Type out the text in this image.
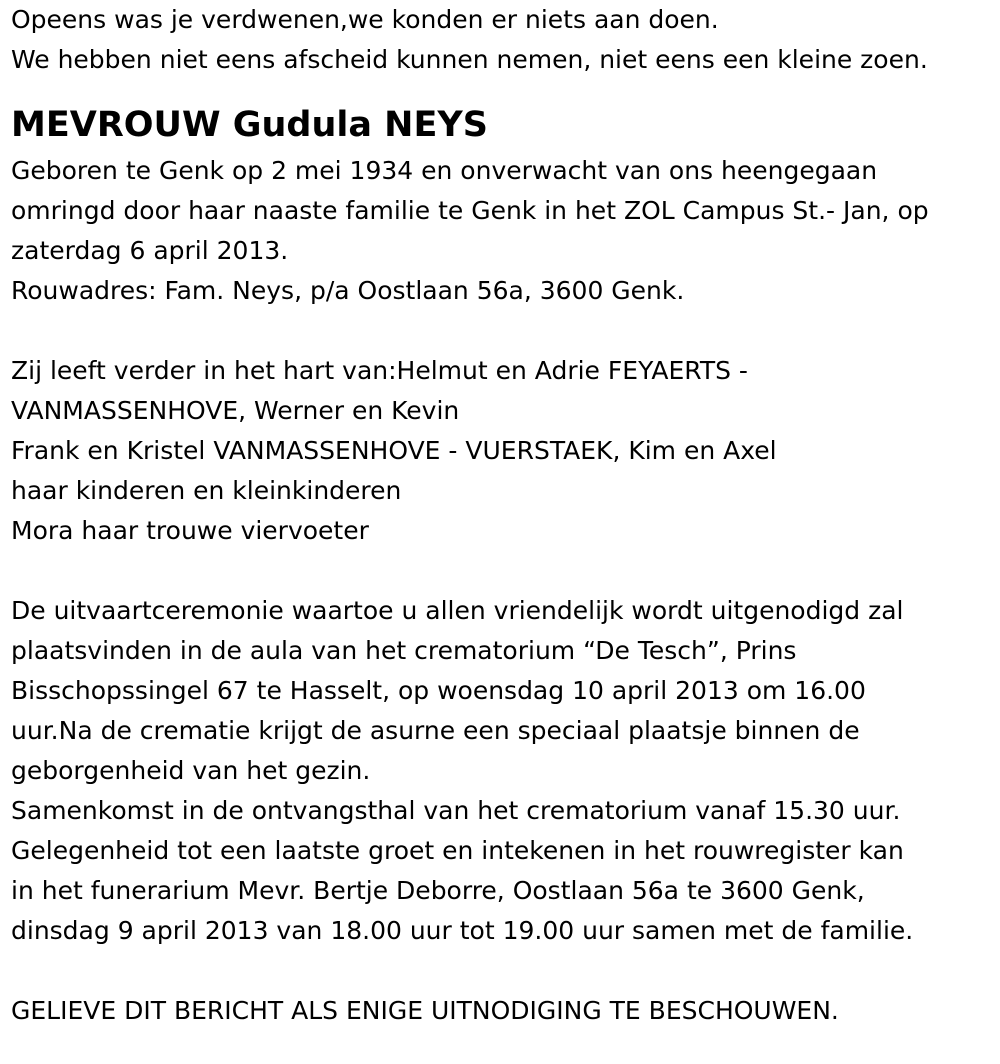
Opeens was je verdwenen,we konden er niets aan doen.
We hebben niet eens afscheid kunnen nemen, niet eens een kleine zoen.
MEVROUW Gudula NEYS
Geboren te Genk op 2 mei 1934 en onverwacht van ons heengegaan
omringd door haar naaste familie te Genk in het ZOL Campus St.- Jan, op
zaterdag 6 april 2013.
Rouwadres: Fam. Neys, p/a Oostlaan 56a, 3600 Genk.
Zij leeft verder in het hart van:Helmut en Adrie FEYAERTS -
VANMASSENHOVE, Werner en Kevin
Frank en Kristel VANMASSENHOVE - VUERSTAEK, Kim en Axel
haar kinderen en kleinkinderen
Mora haar trouwe viervoeter
De uitvaartceremonie waartoe u allen vriendelijk wordt uitgenodigd zal
plaatsvinden in de aula van het crematorium “De Tesch”, Prins
Bisschopssingel 67 te Hasselt, op woensdag 10 april 2013 om 16.00
uur.Na de crematie krijgt de asurne een speciaal plaatsje binnen de
geborgenheid van het gezin.
Samenkomst in de ontvangsthal van het crematorium vanaf 15.30 uur.
Gelegenheid tot een laatste groet en intekenen in het rouwregister kan
in het funerarium Mevr. Bertje Deborre, Oostlaan 56a te 3600 Genk,
dinsdag 9 april 2013 van 18.00 uur tot 19.00 uur samen met de familie.
GELIEVE DIT BERICHT ALS ENIGE UITNODIGING TE BESCHOUWEN.
